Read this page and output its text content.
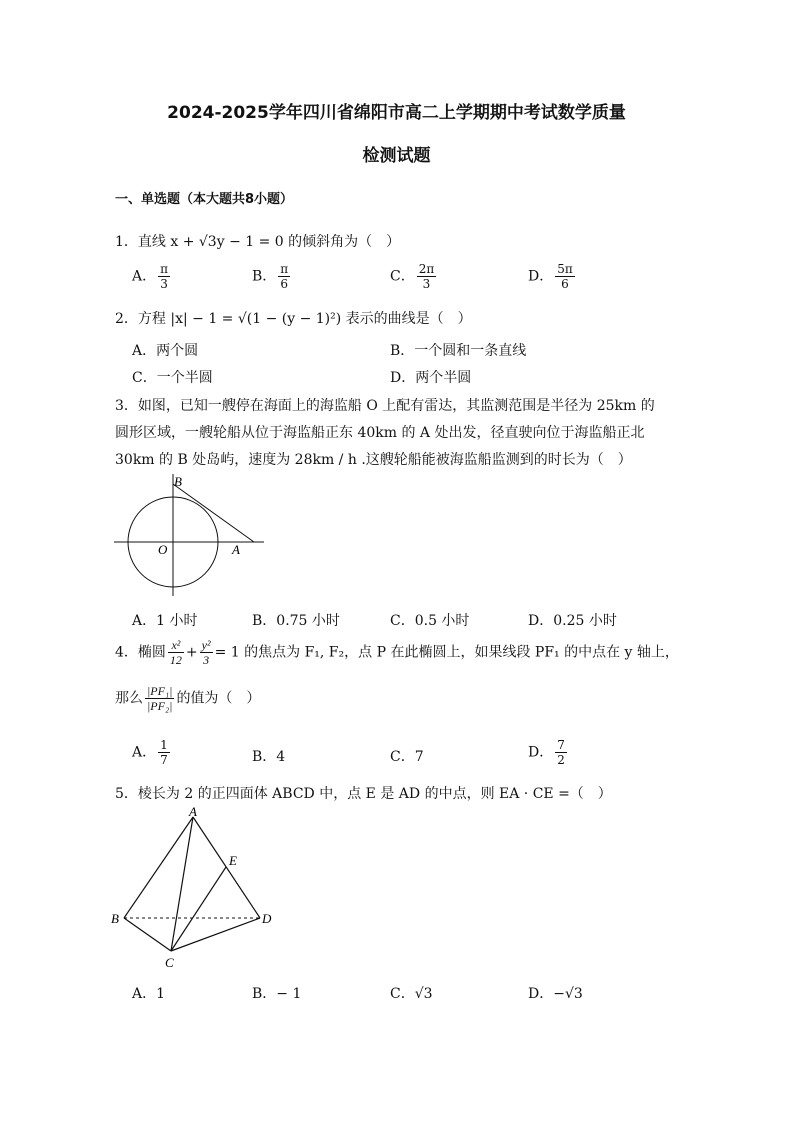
2024-2025学年四川省绵阳市高二上学期期中考试数学质量
检测试题
一、单选题（本大题共8小题）
1．直线 x + √3y − 1 = 0 的倾斜角为（　）
A． $\frac{\pi}{3}$	B． $\frac{\pi}{6}$	C． $\frac{2\pi}{3}$	D． $\frac{5\pi}{6}$
2．方程 |x| − 1 = √(1 − (y − 1)²) 表示的曲线是（　）
A．两个圆	B．一个圆和一条直线
C．一个半圆	D．两个半圆
3．如图，已知一艘停在海面上的海监船 O 上配有雷达，其监测范围是半径为 25km 的
圆形区域，一艘轮船从位于海监船正东 40km 的 A 处出发，径直驶向位于海监船正北
30km 的 B 处岛屿，速度为 28km / h .这艘轮船能被海监船监测到的时长为（　）
B
O	A
A．1 小时	B．0.75 小时	C．0.5 小时	D．0.25 小时
4．椭圆 $\frac{\text{x²}}{12} + \frac{\text{y²}}{3} = 1$ 的焦点为 F₁, F₂，点 P 在此椭圆上，如果线段 PF₁ 的中点在 y 轴上，
那么 $\frac{\text{|PF₁|}}{\text{|PF₂|}}$ 的值为（　）
A． $\frac{1}{7}$	B．4	C．7	D． $\frac{7}{2}$
5．棱长为 2 的正四面体 ABCD 中，点 E 是 AD 的中点，则 EA · CE =（　）
A
B
C
D
E
A．1	B．− 1	C．√3	D．−√3
